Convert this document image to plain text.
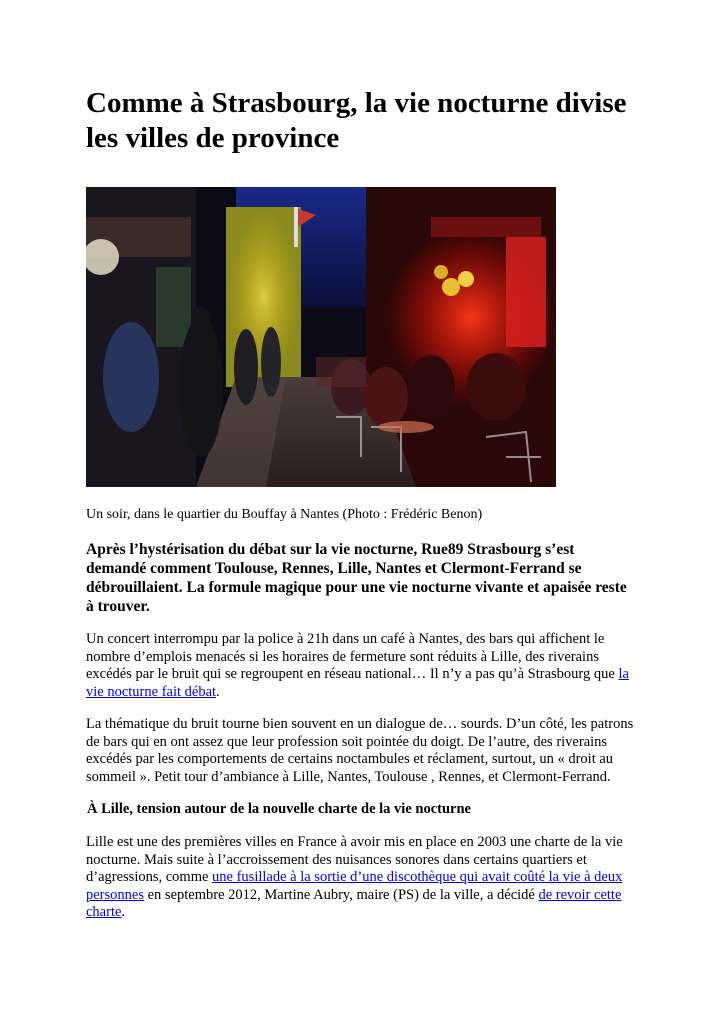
Comme à Strasbourg, la vie nocturne divise les villes de province

Un soir, dans le quartier du Bouffay à Nantes (Photo : Frédéric Benon)

Après l’hystérisation du débat sur la vie nocturne, Rue89 Strasbourg s’est demandé comment Toulouse, Rennes, Lille, Nantes et Clermont-Ferrand se débrouillaient. La formule magique pour une vie nocturne vivante et apaisée reste à trouver.

Un concert interrompu par la police à 21h dans un café à Nantes, des bars qui affichent le nombre d’emplois menacés si les horaires de fermeture sont réduits à Lille, des riverains excédés par le bruit qui se regroupent en réseau national… Il n’y a pas qu’à Strasbourg que la vie nocturne fait débat.

La thématique du bruit tourne bien souvent en un dialogue de… sourds. D’un côté, les patrons de bars qui en ont assez que leur profession soit pointée du doigt. De l’autre, des riverains excédés par les comportements de certains noctambules et réclament, surtout, un « droit au sommeil ». Petit tour d’ambiance à Lille, Nantes, Toulouse , Rennes, et Clermont-Ferrand.

À Lille, tension autour de la nouvelle charte de la vie nocturne

Lille est une des premières villes en France à avoir mis en place en 2003 une charte de la vie nocturne. Mais suite à l’accroissement des nuisances sonores dans certains quartiers et d’agressions, comme une fusillade à la sortie d’une discothèque qui avait coûté la vie à deux personnes en septembre 2012, Martine Aubry, maire (PS) de la ville, a décidé de revoir cette charte.
